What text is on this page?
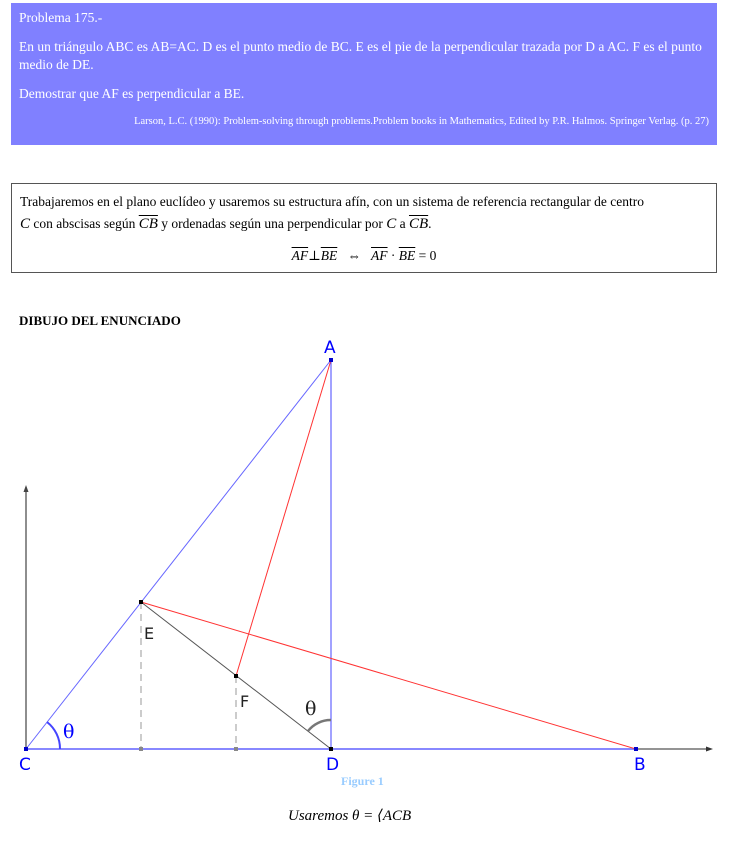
Problema 175.-

En un triángulo ABC es AB=AC. D es el punto medio de BC. E es el pie de la perpendicular trazada por D a AC. F es el punto medio de DE.

Demostrar que AF es perpendicular a BE.

Larson, L.C. (1990): Problem-solving through problems.Problem books in Mathematics, Edited by P.R. Halmos. Springer Verlag. (p. 27)

Trabajaremos en el plano euclídeo y usaremos su estructura afín, con un sistema de referencia rectangular de centro
C con abscisas según $\overline{CB}$ y ordenadas según una perpendicular por C a $\overline{CB}$.

$\overline{AF}\perp\overline{BE}$ ⇔ $\overline{AF} \cdot \overline{BE} = 0$

DIBUJO DEL ENUNCIADO
A
C	D	B
E
F
θ
θ
Figure 1
Usaremos θ = ⟨ACB
